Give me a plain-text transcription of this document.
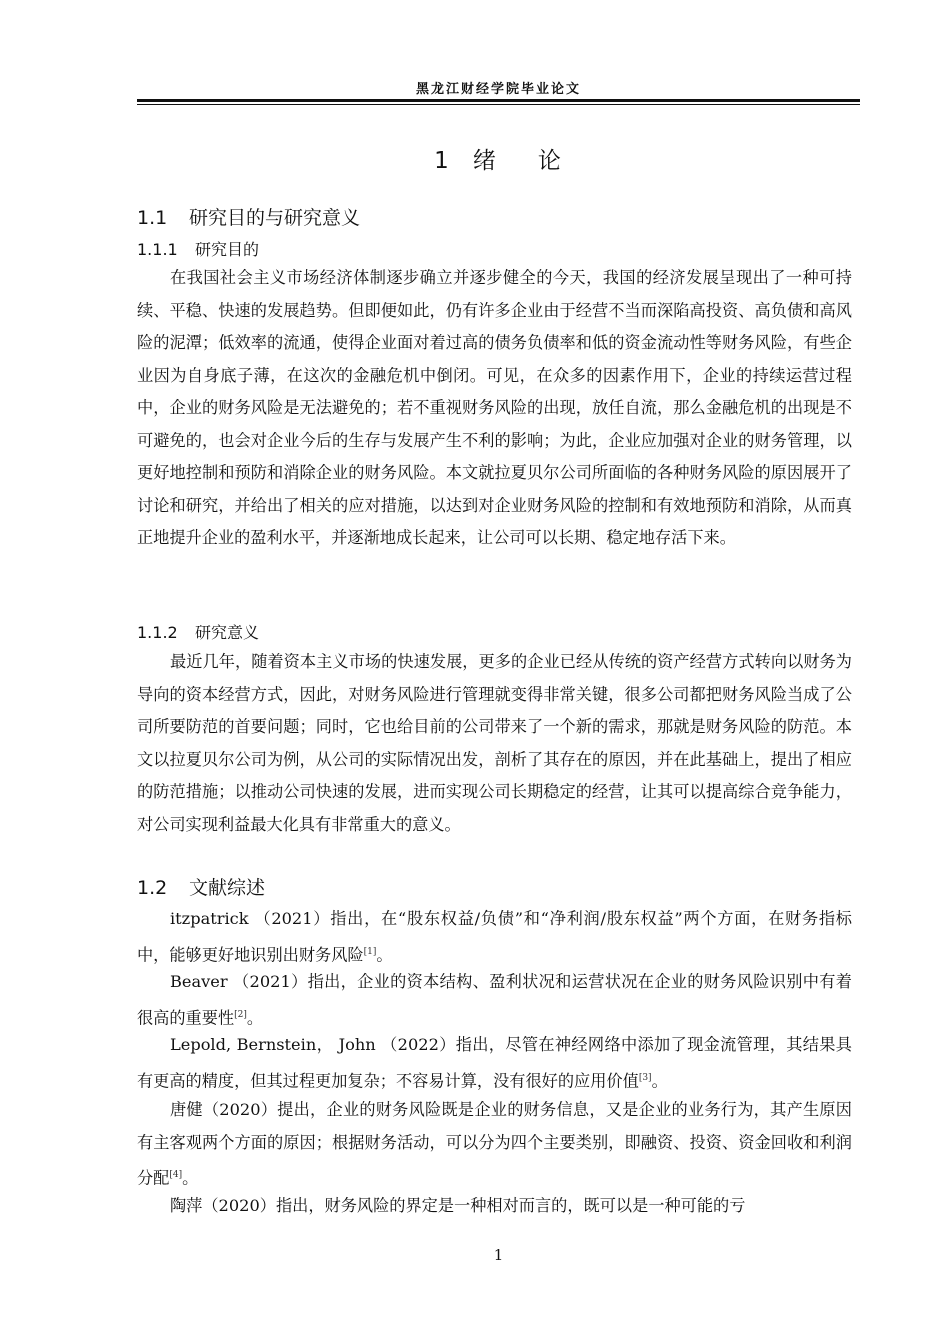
黑龙江财经学院毕业论文
1 绪 论
1.1 研究目的与研究意义
1.1.1 研究目的

在我国社会主义市场经济体制逐步确立并逐步健全的今天，我国的经济发展呈现出了一种可持续、平稳、快速的发展趋势。但即便如此，仍有许多企业由于经营不当而深陷高投资、高负债和高风险的泥潭；低效率的流通，使得企业面对着过高的债务负债率和低的资金流动性等财务风险，有些企业因为自身底子薄，在这次的金融危机中倒闭。可见，在众多的因素作用下，企业的持续运营过程中，企业的财务风险是无法避免的；若不重视财务风险的出现，放任自流，那么金融危机的出现是不可避免的，也会对企业今后的生存与发展产生不利的影响；为此，企业应加强对企业的财务管理，以更好地控制和预防和消除企业的财务风险。本文就拉夏贝尔公司所面临的各种财务风险的原因展开了讨论和研究，并给出了相关的应对措施，以达到对企业财务风险的控制和有效地预防和消除，从而真正地提升企业的盈利水平，并逐渐地成长起来，让公司可以长期、稳定地存活下来。

1.1.2 研究意义

最近几年，随着资本主义市场的快速发展，更多的企业已经从传统的资产经营方式转向以财务为导向的资本经营方式，因此，对财务风险进行管理就变得非常关键，很多公司都把财务风险当成了公司所要防范的首要问题；同时，它也给目前的公司带来了一个新的需求，那就是财务风险的防范。本文以拉夏贝尔公司为例，从公司的实际情况出发，剖析了其存在的原因，并在此基础上，提出了相应的防范措施；以推动公司快速的发展，进而实现公司长期稳定的经营，让其可以提高综合竞争能力，对公司实现利益最大化具有非常重大的意义。

1.2 文献综述

itzpatrick （2021）指出，在“股东权益/负债”和“净利润/股东权益”两个方面，在财务指标中，能够更好地识别出财务风险[1]。

Beaver （2021）指出，企业的资本结构、盈利状况和运营状况在企业的财务风险识别中有着很高的重要性[2]。

Lepold, Bernstein， John （2022）指出，尽管在神经网络中添加了现金流管理，其结果具有更高的精度，但其过程更加复杂；不容易计算，没有很好的应用价值[3]。

唐健（2020）提出，企业的财务风险既是企业的财务信息，又是企业的业务行为，其产生原因有主客观两个方面的原因；根据财务活动，可以分为四个主要类别，即融资、投资、资金回收和利润分配[4]。

陶萍（2020）指出，财务风险的界定是一种相对而言的，既可以是一种可能的亏

1
